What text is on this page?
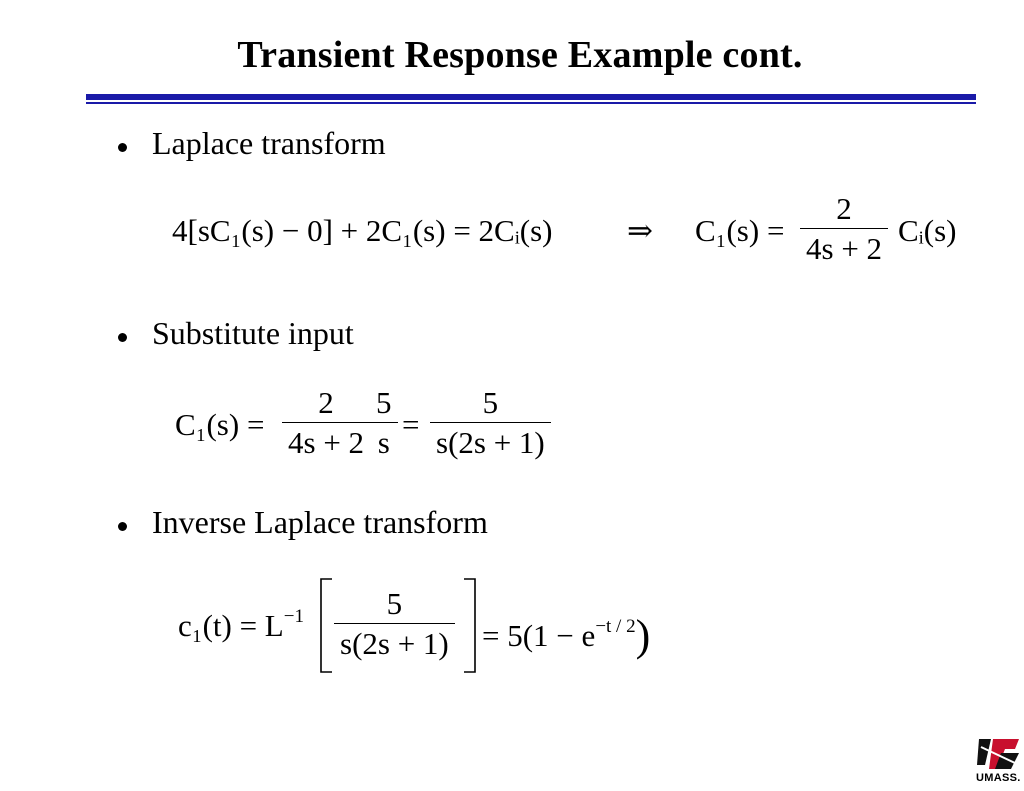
Transient Response Example cont.
Laplace transform
4[sC₁(s) − 0] + 2C₁(s) = 2Cᵢ(s) ⇒ $C_1(s) = \frac{2}{4s + 2}$ Cᵢ(s)
Substitute input
$C_1(s) = \frac{2}{4s + 2} \frac{5}{s} = \frac{5}{s(2s + 1)}$
Inverse Laplace transform
$c_1(t) = L^{-1} \frac{5}{s(2s + 1)} = 5(1 - e^{-t / 2})$
UMASS.
